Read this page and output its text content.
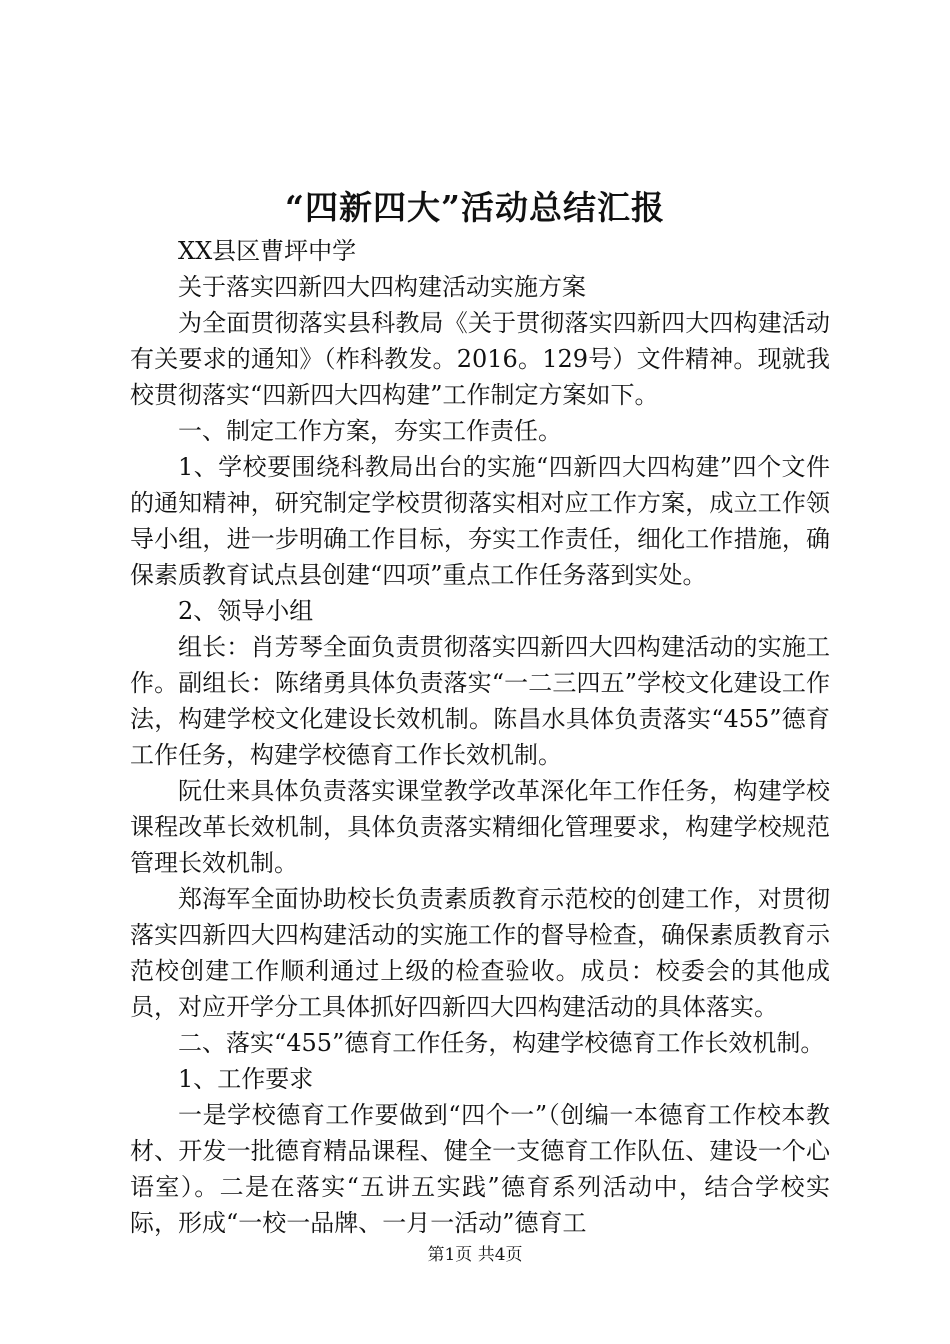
“四新四大”活动总结汇报

XX县区曹坪中学

关于落实四新四大四构建活动实施方案

为全面贯彻落实县科教局《关于贯彻落实四新四大四构建活动有关要求的通知》（柞科教发。2016。129号）文件精神。现就我校贯彻落实“四新四大四构建”工作制定方案如下。

一、制定工作方案，夯实工作责任。

1、学校要围绕科教局出台的实施“四新四大四构建”四个文件的通知精神，研究制定学校贯彻落实相对应工作方案，成立工作领导小组，进一步明确工作目标，夯实工作责任，细化工作措施，确保素质教育试点县创建“四项”重点工作任务落到实处。

2、领导小组

组长：肖芳琴全面负责贯彻落实四新四大四构建活动的实施工作。副组长：陈绪勇具体负责落实“一二三四五”学校文化建设工作法，构建学校文化建设长效机制。陈昌水具体负责落实“455”德育工作任务，构建学校德育工作长效机制。

阮仕来具体负责落实课堂教学改革深化年工作任务，构建学校课程改革长效机制，具体负责落实精细化管理要求，构建学校规范管理长效机制。

郑海军全面协助校长负责素质教育示范校的创建工作，对贯彻落实四新四大四构建活动的实施工作的督导检查，确保素质教育示范校创建工作顺利通过上级的检查验收。成员：校委会的其他成员，对应开学分工具体抓好四新四大四构建活动的具体落实。

二、落实“455”德育工作任务，构建学校德育工作长效机制。

1、工作要求

一是学校德育工作要做到“四个一”（创编一本德育工作校本教材、开发一批德育精品课程、健全一支德育工作队伍、建设一个心语室）。二是在落实“五讲五实践”德育系列活动中，结合学校实际，形成“一校一品牌、一月一活动”德育工

第1页 共4页
